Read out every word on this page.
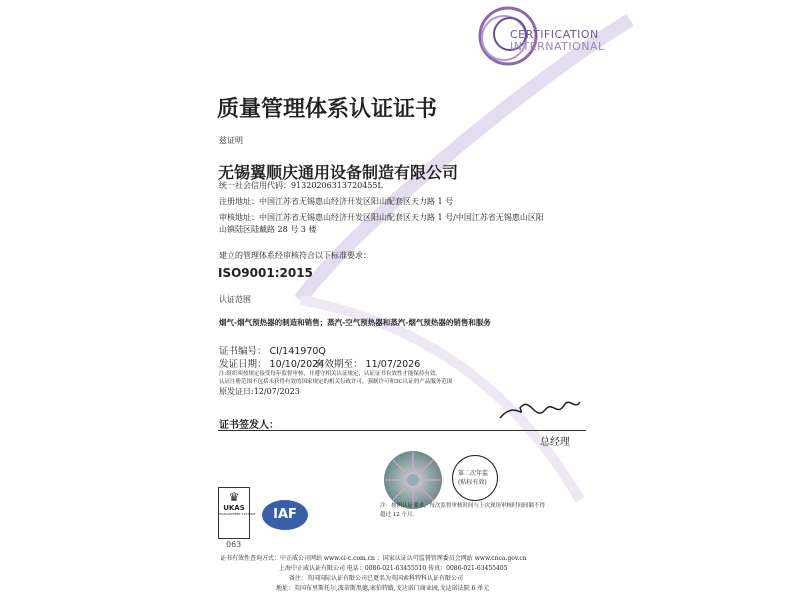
CERTIFICATION
INTERNATIONAL
质量管理体系认证证书
兹证明
无锡翼顺庆通用设备制造有限公司
统一社会信用代码：91320206313720455L
注册地址：中国江苏省无锡惠山经济开发区阳山配套区天力路 1 号
审核地址：中国江苏省无锡惠山经济开发区阳山配套区天力路 1 号/中国江苏省无锡惠山区阳
山镇陆区陆戴路 28 号 3 楼
建立的管理体系经审核符合以下标准要求：
ISO9001:2015
认证范围
烟气-烟气预热器的制造和销售；蒸汽-空气预热器和蒸汽-烟气预热器的销售和服务
证书编号： CI/141970Q
发证日期： 10/10/2024
有效期至： 11/07/2026
注:组织须按规定接受每年监督审核，并遵守相关认证规定，认证证书有效性才能保持有效。
认证注册范围不包括未获得有效的国家规定的相关行政许可、强制许可和3C认证的产品服务范围
原发证日:12/07/2023
证书签发人：
总经理
第二次年监
(贴标有效)
注：按照认证要求，每次监督审核时间与上次现场审核时间间隔不得
超过 12 个月。
♛
UKAS
MANAGEMENT SYSTEMS
063
IAF
证书有效性查询方式：中正威公司网站 www.ci-c.com.cn ；国家认证认可监督管理委员会网站 www.cnca.gov.cn
上海中正威认证有限公司 电话：0086-021-63455510 传真：0086-021-63455405
备注：英国国际认证有限公司已更名为英国索科特科认证有限公司
地址：英国布里斯托尔,波蒂斯黑德,塞伯特路,戈达诺门商业园,戈达诺法院 6 单元
